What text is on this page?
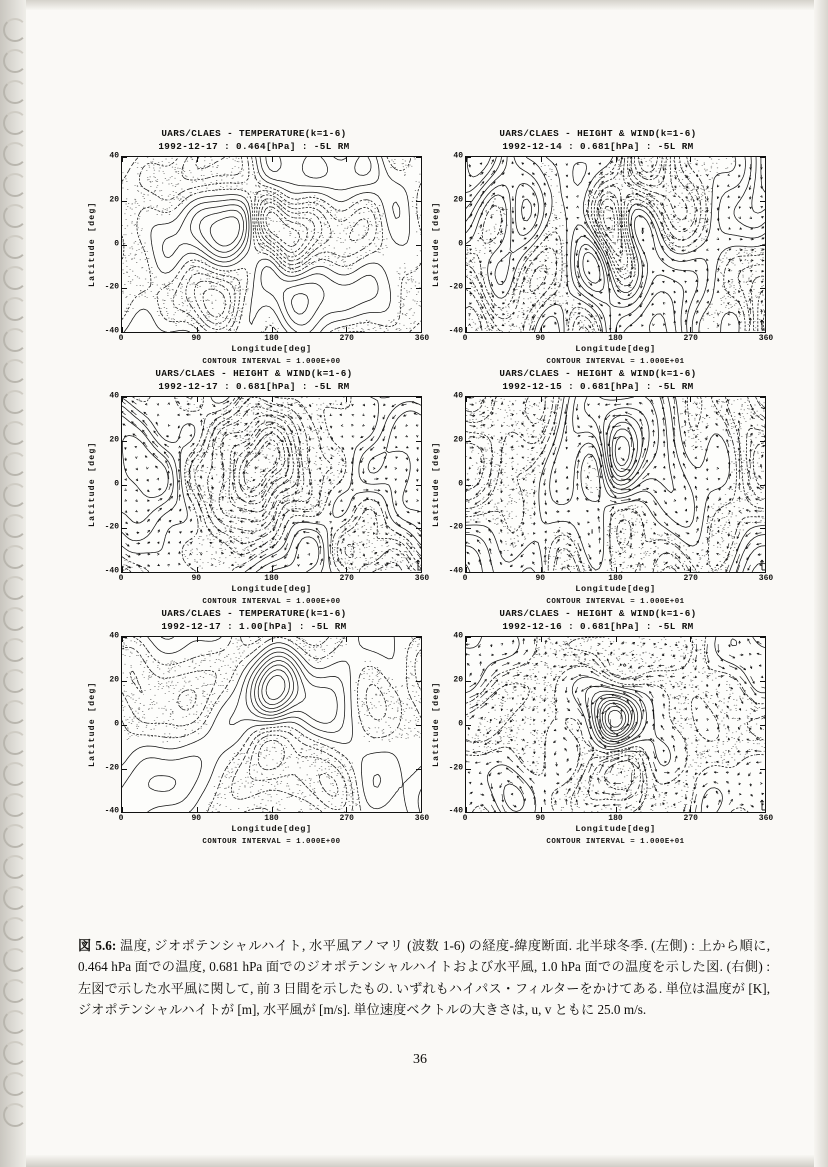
UARS/CLAES - TEMPERATURE(k=1-6)
1992-12-17 : 0.464[hPa] : -5L RM
Latitude [deg]
40
20
0
-20
-40
0	90	180	270	360
Longitude[deg]
CONTOUR INTERVAL = 1.000E+00
UARS/CLAES - HEIGHT & WIND(k=1-6)
1992-12-14 : 0.681[hPa] : -5L RM
Latitude [deg]
40
20
0
-20
-40
0	90	180	270	360
Longitude[deg]
CONTOUR INTERVAL = 1.000E+01
UARS/CLAES - HEIGHT & WIND(k=1-6)
1992-12-17 : 0.681[hPa] : -5L RM
Latitude [deg]
40
20
0
-20
-40
0	90	180	270	360
Longitude[deg]
CONTOUR INTERVAL = 1.000E+00
UARS/CLAES - HEIGHT & WIND(k=1-6)
1992-12-15 : 0.681[hPa] : -5L RM
Latitude [deg]
40
20
0
-20
-40
0	90	180	270	360
Longitude[deg]
CONTOUR INTERVAL = 1.000E+01
UARS/CLAES - TEMPERATURE(k=1-6)
1992-12-17 : 1.00[hPa] : -5L RM
Latitude [deg]
40
20
0
-20
-40
0	90	180	270	360
Longitude[deg]
CONTOUR INTERVAL = 1.000E+00
UARS/CLAES - HEIGHT & WIND(k=1-6)
1992-12-16 : 0.681[hPa] : -5L RM
Latitude [deg]
40
20
0
-20
-40
0	90	180	270	360
Longitude[deg]
CONTOUR INTERVAL = 1.000E+01
図 5.6: 温度, ジオポテンシャルハイト, 水平風アノマリ (波数 1-6) の経度-緯度断面. 北半球冬季. (左側) : 上から順に, 0.464 hPa 面での温度, 0.681 hPa 面でのジオポテンシャルハイトおよび水平風, 1.0 hPa 面での温度を示した図. (右側) : 左図で示した水平風に関して, 前 3 日間を示したもの. いずれもハイパス・フィルターをかけてある. 単位は温度が [K], ジオポテンシャルハイトが [m], 水平風が [m/s]. 単位速度ベクトルの大きさは, u, v ともに 25.0 m/s.
36
